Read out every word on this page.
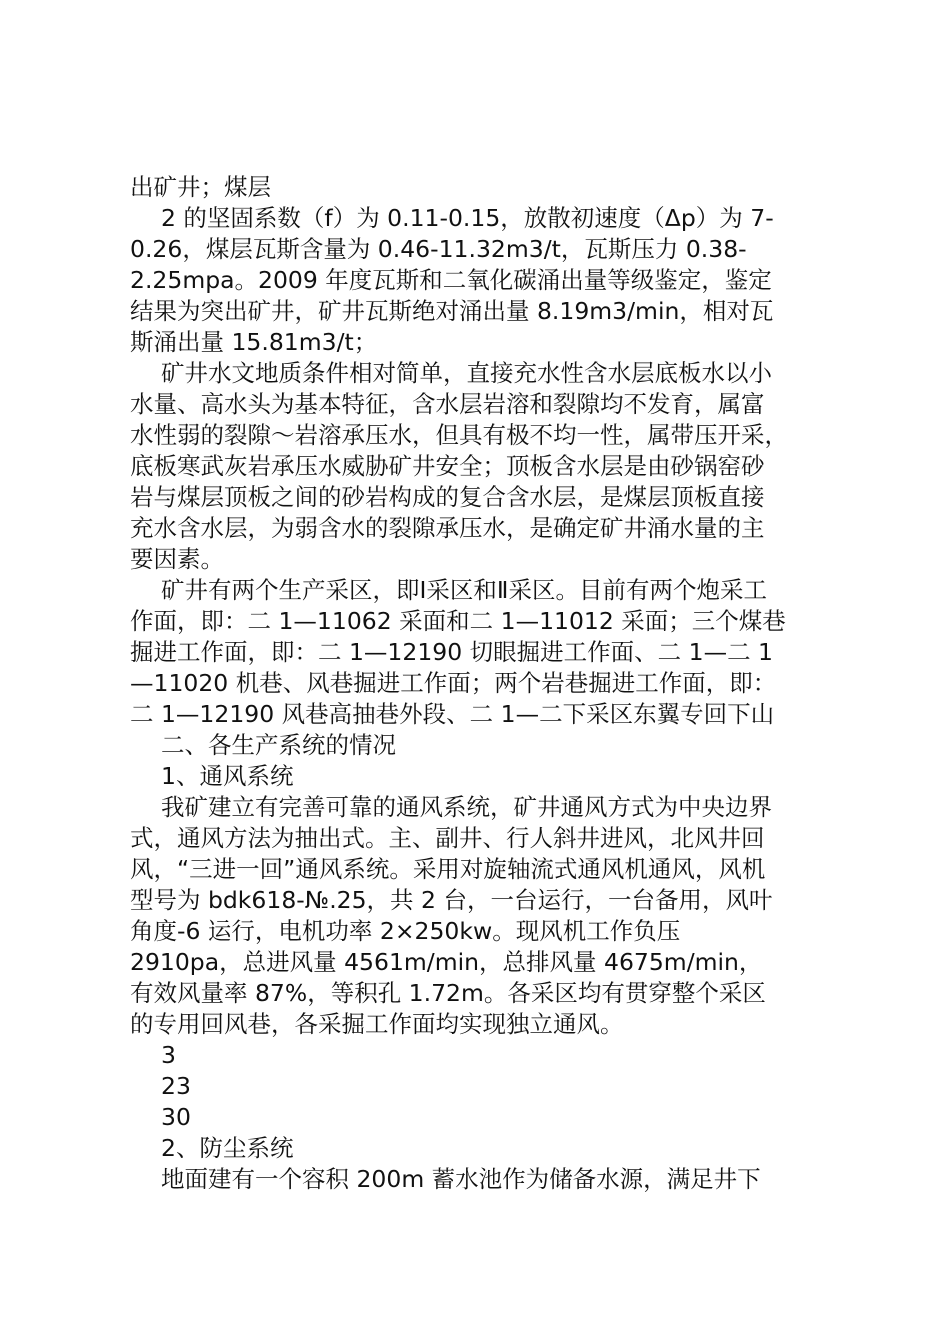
出矿井；煤层
2 的坚固系数（f）为 0.11-0.15，放散初速度（Δp）为 7-
0.26，煤层瓦斯含量为 0.46-11.32m3/t，瓦斯压力 0.38-
2.25mpa。2009 年度瓦斯和二氧化碳涌出量等级鉴定，鉴定
结果为突出矿井，矿井瓦斯绝对涌出量 8.19m3/min，相对瓦
斯涌出量 15.81m3/t；
矿井水文地质条件相对简单，直接充水性含水层底板水以小
水量、高水头为基本特征，含水层岩溶和裂隙均不发育，属富
水性弱的裂隙～岩溶承压水，但具有极不均一性，属带压开采，
底板寒武灰岩承压水威胁矿井安全；顶板含水层是由砂锅窑砂
岩与煤层顶板之间的砂岩构成的复合含水层，是煤层顶板直接
充水含水层，为弱含水的裂隙承压水，是确定矿井涌水量的主
要因素。
矿井有两个生产采区，即Ⅰ采区和Ⅱ采区。目前有两个炮采工
作面，即：二 1—11062 采面和二 1—11012 采面；三个煤巷
掘进工作面，即：二 1—12190 切眼掘进工作面、二 1—二 1
—11020 机巷、风巷掘进工作面；两个岩巷掘进工作面，即：
二 1—12190 风巷高抽巷外段、二 1—二下采区东翼专回下山
二、各生产系统的情况
1、通风系统
我矿建立有完善可靠的通风系统，矿井通风方式为中央边界
式，通风方法为抽出式。主、副井、行人斜井进风，北风井回
风，“三进一回”通风系统。采用对旋轴流式通风机通风，风机
型号为 bdk618-№.25，共 2 台，一台运行，一台备用，风叶
角度-6 运行，电机功率 2×250kw。现风机工作负压
2910pa，总进风量 4561m/min，总排风量 4675m/min，
有效风量率 87%，等积孔 1.72m。各采区均有贯穿整个采区
的专用回风巷，各采掘工作面均实现独立通风。
3
23
30
2、防尘系统
地面建有一个容积 200m 蓄水池作为储备水源，满足井下
